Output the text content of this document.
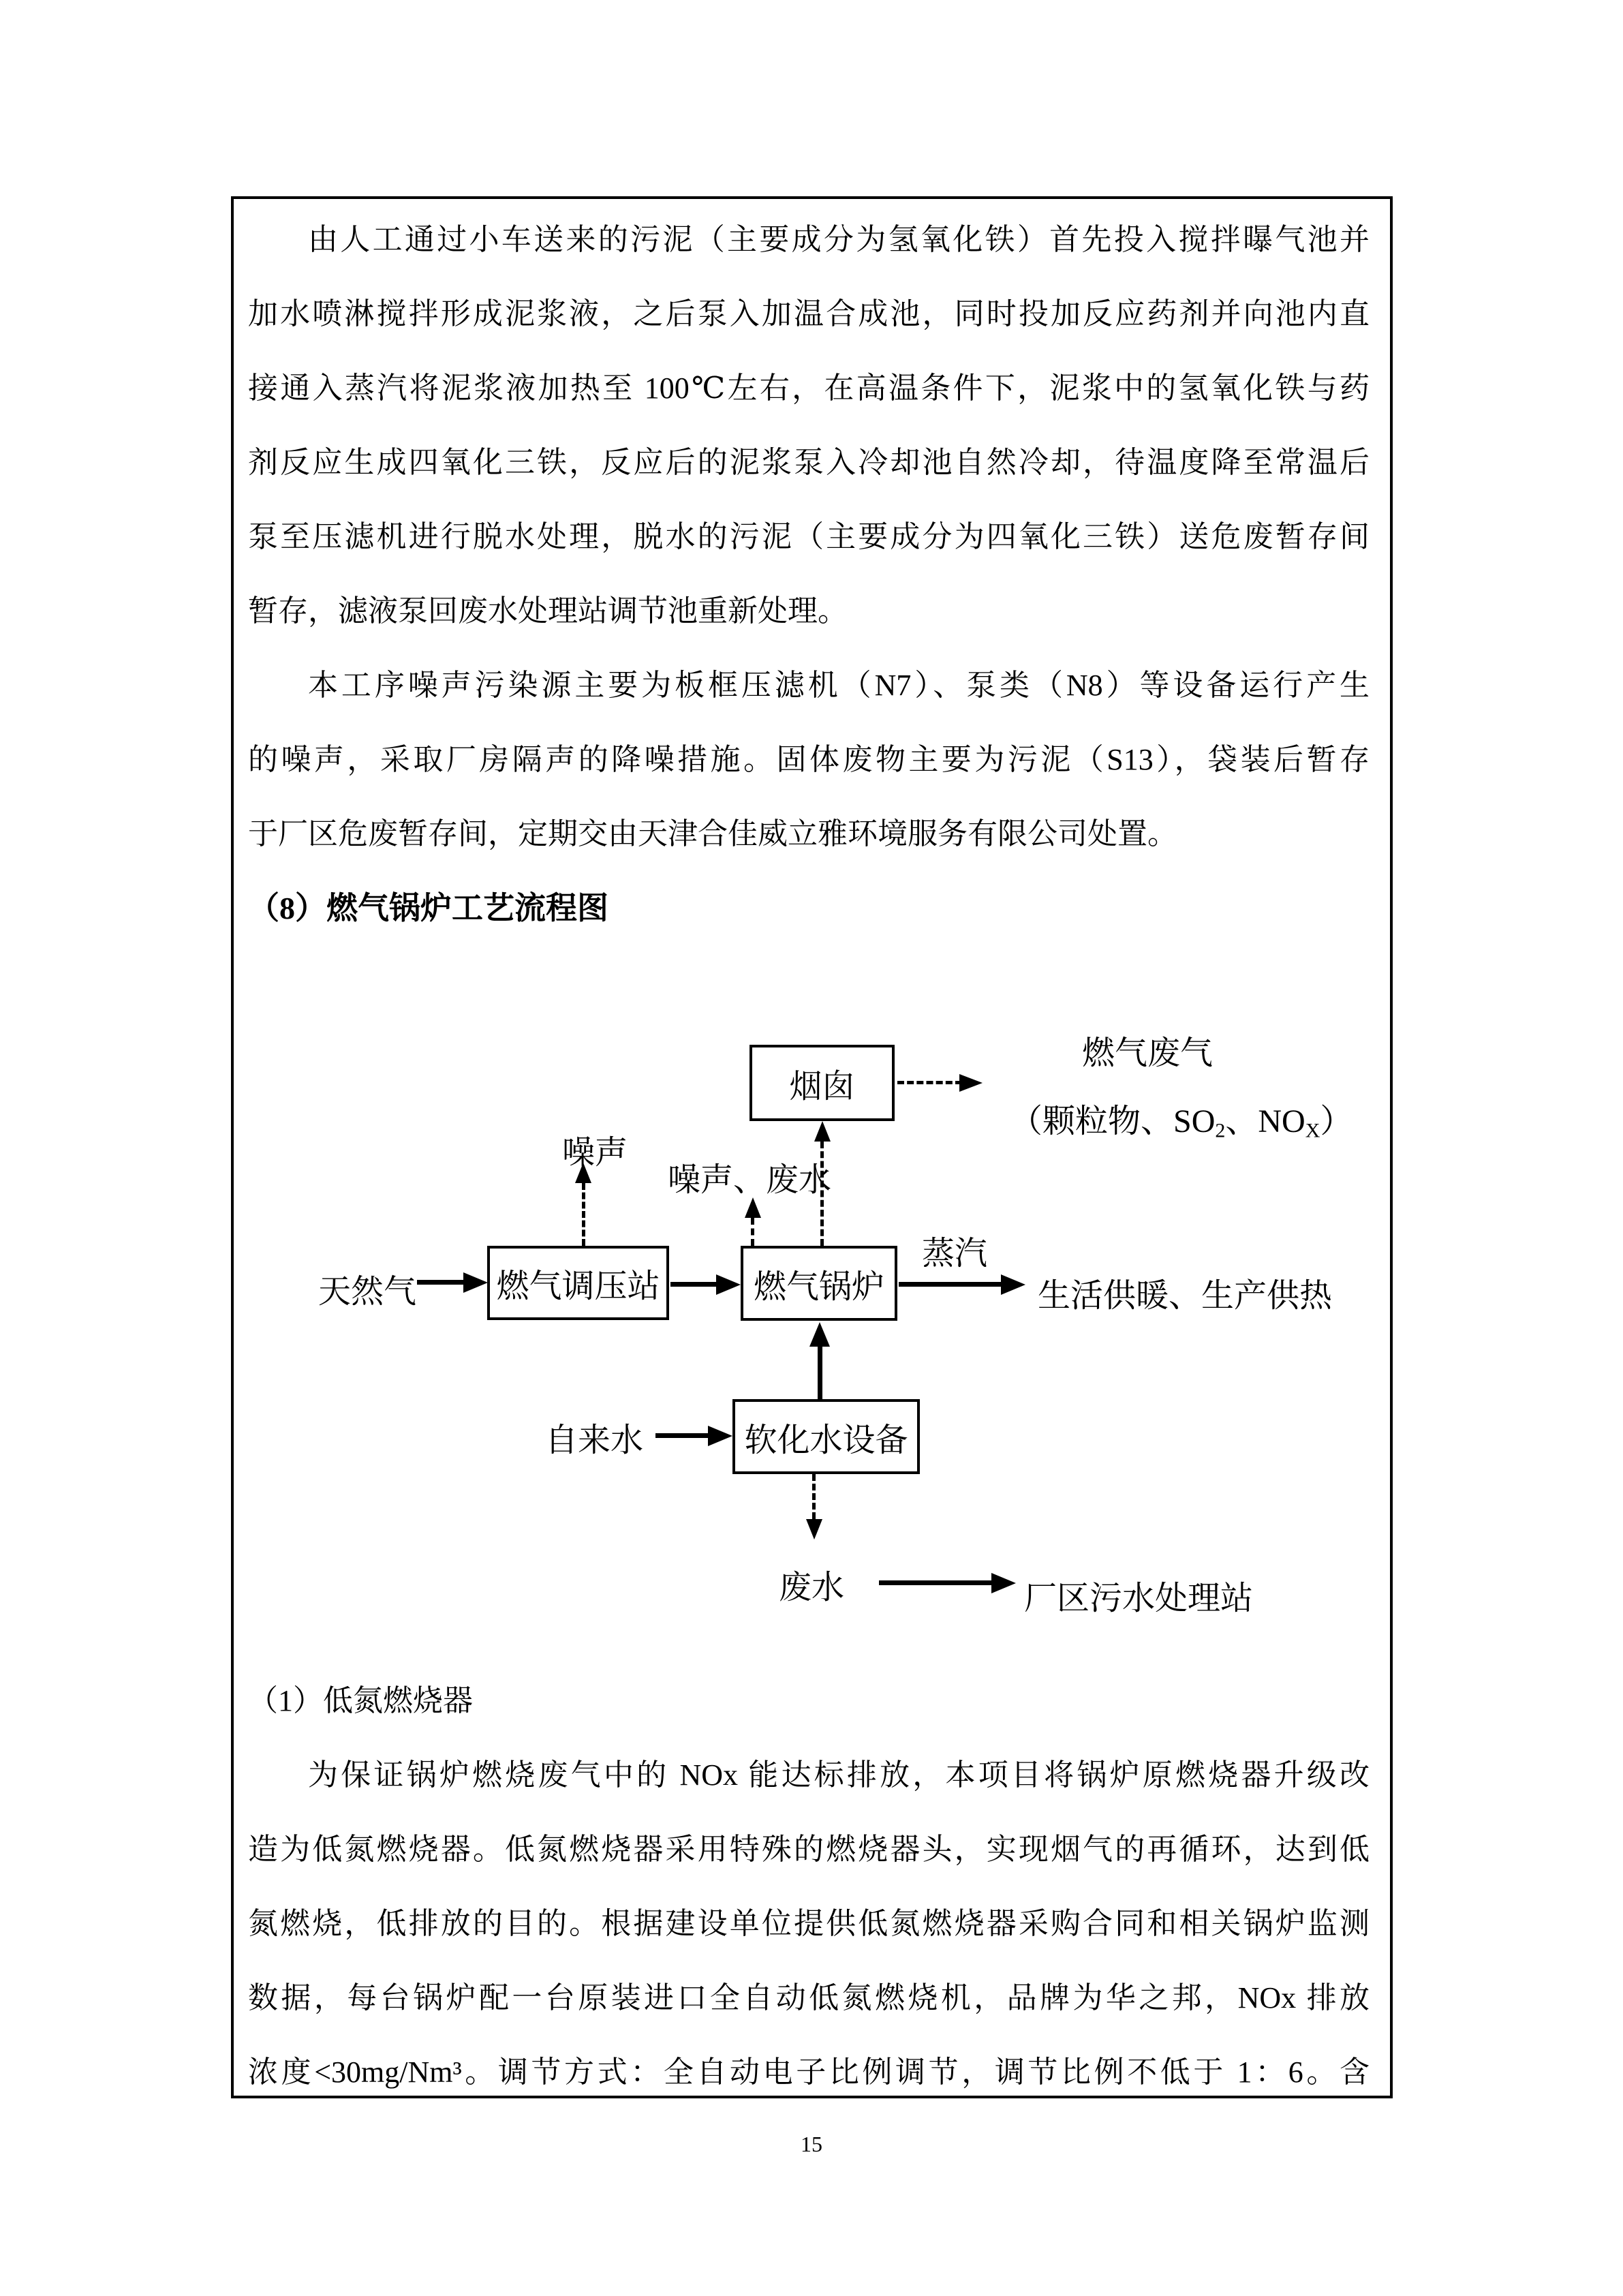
由人工通过小车送来的污泥（主要成分为氢氧化铁）首先投入搅拌曝气池并
加水喷淋搅拌形成泥浆液，之后泵入加温合成池，同时投加反应药剂并向池内直
接通入蒸汽将泥浆液加热至 100℃左右，在高温条件下，泥浆中的氢氧化铁与药
剂反应生成四氧化三铁，反应后的泥浆泵入冷却池自然冷却，待温度降至常温后
泵至压滤机进行脱水处理，脱水的污泥（主要成分为四氧化三铁）送危废暂存间
暂存，滤液泵回废水处理站调节池重新处理。
本工序噪声污染源主要为板框压滤机（N7）、泵类（N8）等设备运行产生
的噪声，采取厂房隔声的降噪措施。固体废物主要为污泥（S13），袋装后暂存
于厂区危废暂存间，定期交由天津合佳威立雅环境服务有限公司处置。
（8）燃气锅炉工艺流程图
烟囱
燃气调压站	燃气锅炉
软化水设备
天然气
噪声
噪声、废水
蒸汽
生活供暖、生产供热
燃气废气
（颗粒物、$SO_2$、$NO_X$）
自来水
废水	厂区污水处理站
（1）低氮燃烧器
为保证锅炉燃烧废气中的 NOx 能达标排放，本项目将锅炉原燃烧器升级改
造为低氮燃烧器。低氮燃烧器采用特殊的燃烧器头，实现烟气的再循环，达到低
氮燃烧，低排放的目的。根据建设单位提供低氮燃烧器采购合同和相关锅炉监测
数据，每台锅炉配一台原装进口全自动低氮燃烧机，品牌为华之邦，NOx 排放
浓度<30mg/Nm³。调节方式：全自动电子比例调节，调节比例不低于 1：6。含
15
